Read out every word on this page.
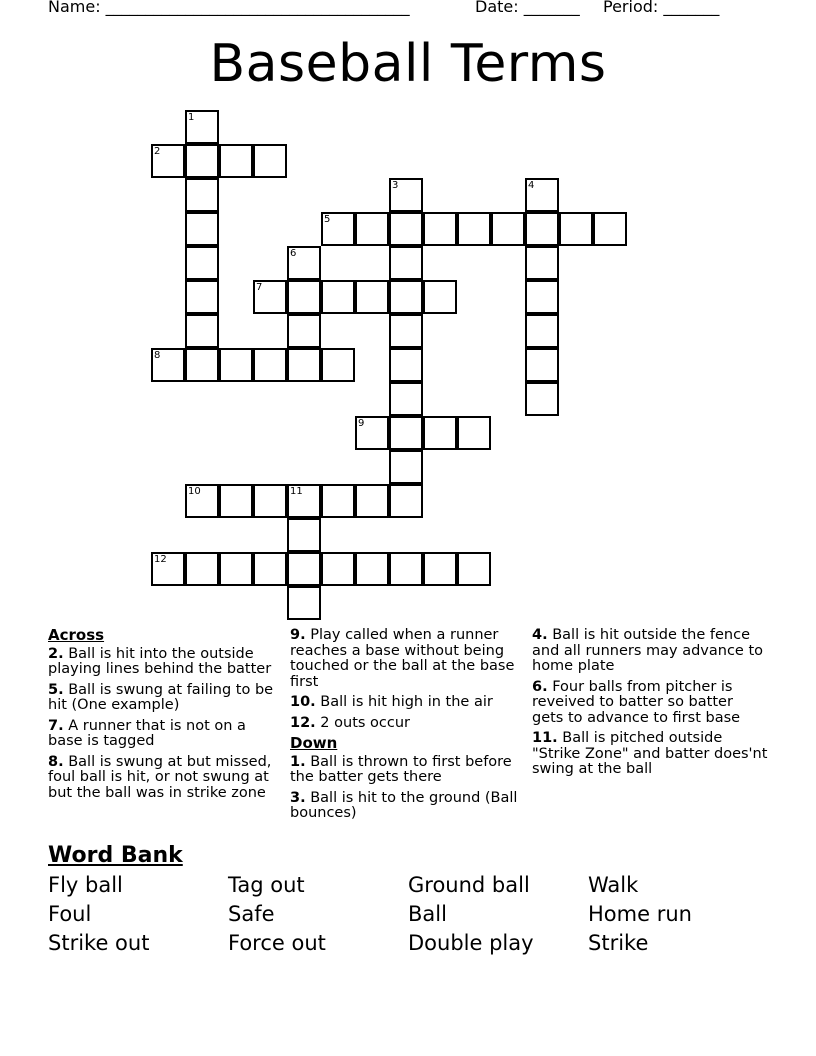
Name: ______________________________________

	Date: _______

Period: _______

Baseball Terms
1
2
3	4
5
6
7
8
9
10	11
12
Across
2. Ball is hit into the outside playing lines behind the batter
5. Ball is swung at failing to be hit (One example)
7. A runner that is not on a base is tagged
8. Ball is swung at but missed, foul ball is hit, or not swung at but the ball was in strike zone
9. Play called when a runner reaches a base without being touched or the ball at the base first
10. Ball is hit high in the air
12. 2 outs occur
Down
1. Ball is thrown to first before the batter gets there
3. Ball is hit to the ground (Ball bounces)
4. Ball is hit outside the fence and all runners may advance to home plate
6. Four balls from pitcher is reveived to batter so batter gets to advance to first base
11. Ball is pitched outside "Strike Zone" and batter does'nt swing at the ball
Word Bank
Fly ball	Tag out	Ground ball	Walk
Foul	Safe	Ball	Home run
Strike out	Force out	Double play	Strike
